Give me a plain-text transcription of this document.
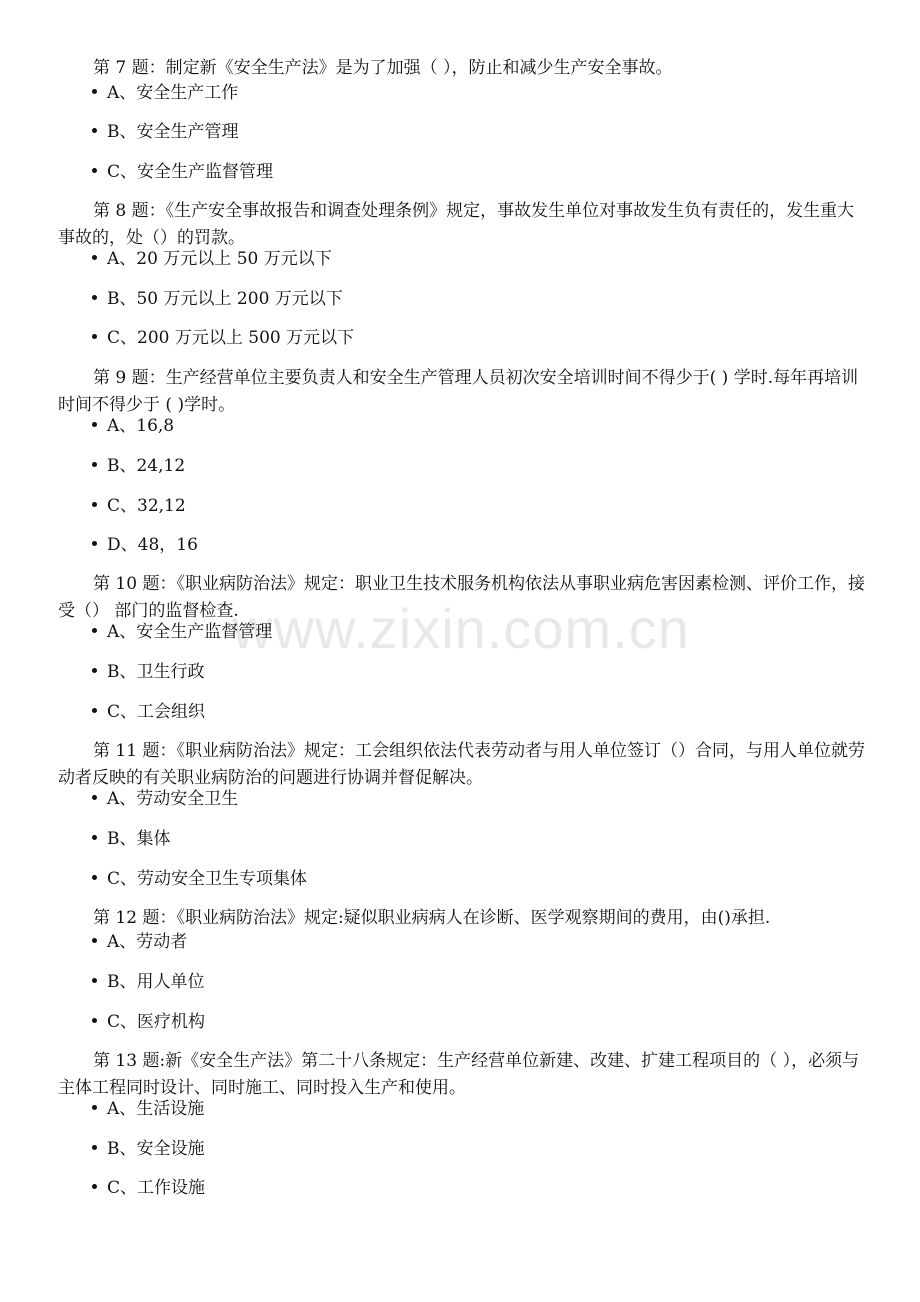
www.zixin.com.cn

第 7 题：制定新《安全生产法》是为了加强（ ），防止和减少生产安全事故。

A、安全生产工作
B、安全生产管理
C、安全生产监督管理

第 8 题：《生产安全事故报告和调查处理条例》规定，事故发生单位对事故发生负有责任的，发生重大事故的，处（）的罚款。

A、20 万元以上 50 万元以下
B、50 万元以上 200 万元以下
C、200 万元以上 500 万元以下

第 9 题：生产经营单位主要负责人和安全生产管理人员初次安全培训时间不得少于( ) 学时.每年再培训时间不得少于 ( )学时。

A、16,8
B、24,12
C、32,12
D、48，16

第 10 题：《职业病防治法》规定：职业卫生技术服务机构依法从事职业病危害因素检测、评价工作，接受（） 部门的监督检查.

A、安全生产监督管理
B、卫生行政
C、工会组织

第 11 题：《职业病防治法》规定：工会组织依法代表劳动者与用人单位签订（）合同，与用人单位就劳动者反映的有关职业病防治的问题进行协调并督促解决。

A、劳动安全卫生
B、集体
C、劳动安全卫生专项集体

第 12 题：《职业病防治法》规定:疑似职业病病人在诊断、医学观察期间的费用，由()承担.

A、劳动者
B、用人单位
C、医疗机构

第 13 题:新《安全生产法》第二十八条规定：生产经营单位新建、改建、扩建工程项目的（ ），必须与主体工程同时设计、同时施工、同时投入生产和使用。

A、生活设施
B、安全设施
C、工作设施
